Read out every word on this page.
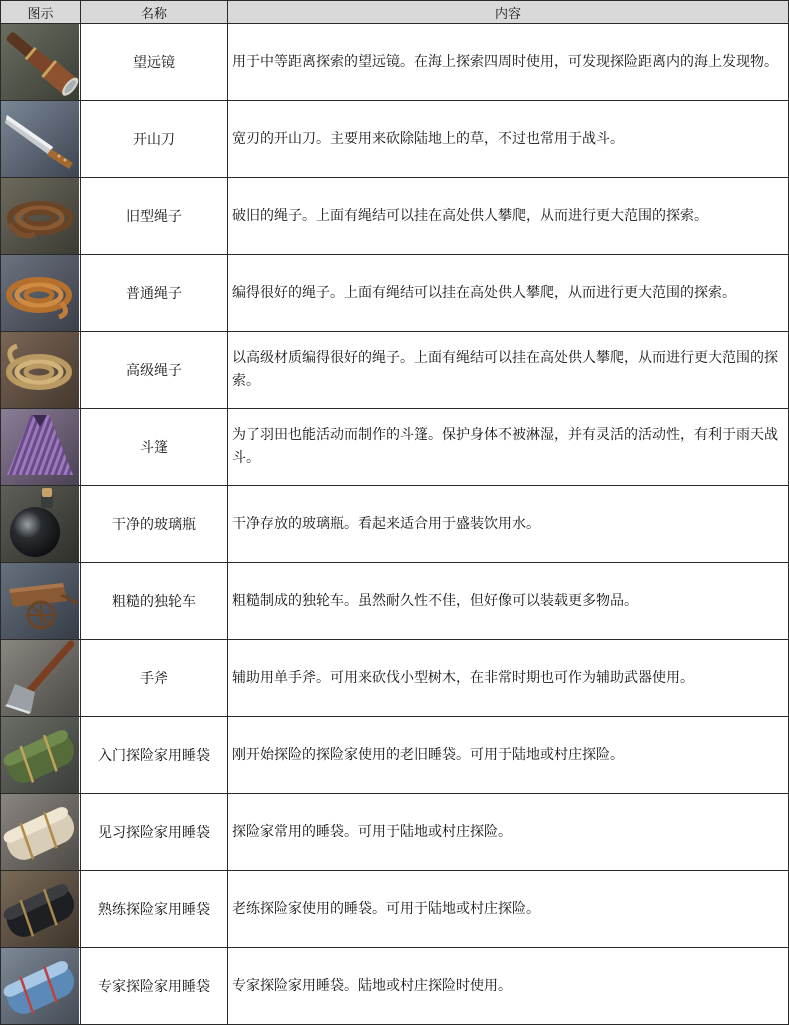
图示	名称	内容

	望远镜	用于中等距离探索的望远镜。在海上探索四周时使用，可发现探险距离内的海上发现物。

	开山刀	宽刃的开山刀。主要用来砍除陆地上的草，不过也常用于战斗。

	旧型绳子	破旧的绳子。上面有绳结可以挂在高处供人攀爬，从而进行更大范围的探索。

	普通绳子	编得很好的绳子。上面有绳结可以挂在高处供人攀爬，从而进行更大范围的探索。

	高级绳子	以高级材质编得很好的绳子。上面有绳结可以挂在高处供人攀爬，从而进行更大范围的探索。

	斗篷	为了羽田也能活动而制作的斗篷。保护身体不被淋湿，并有灵活的活动性，有利于雨天战斗。

	干净的玻璃瓶	干净存放的玻璃瓶。看起来适合用于盛装饮用水。

	粗糙的独轮车	粗糙制成的独轮车。虽然耐久性不佳，但好像可以装载更多物品。

	手斧	辅助用单手斧。可用来砍伐小型树木，在非常时期也可作为辅助武器使用。

	入门探险家用睡袋	刚开始探险的探险家使用的老旧睡袋。可用于陆地或村庄探险。

	见习探险家用睡袋	探险家常用的睡袋。可用于陆地或村庄探险。

	熟练探险家用睡袋	老练探险家使用的睡袋。可用于陆地或村庄探险。

	专家探险家用睡袋	专家探险家用睡袋。陆地或村庄探险时使用。
